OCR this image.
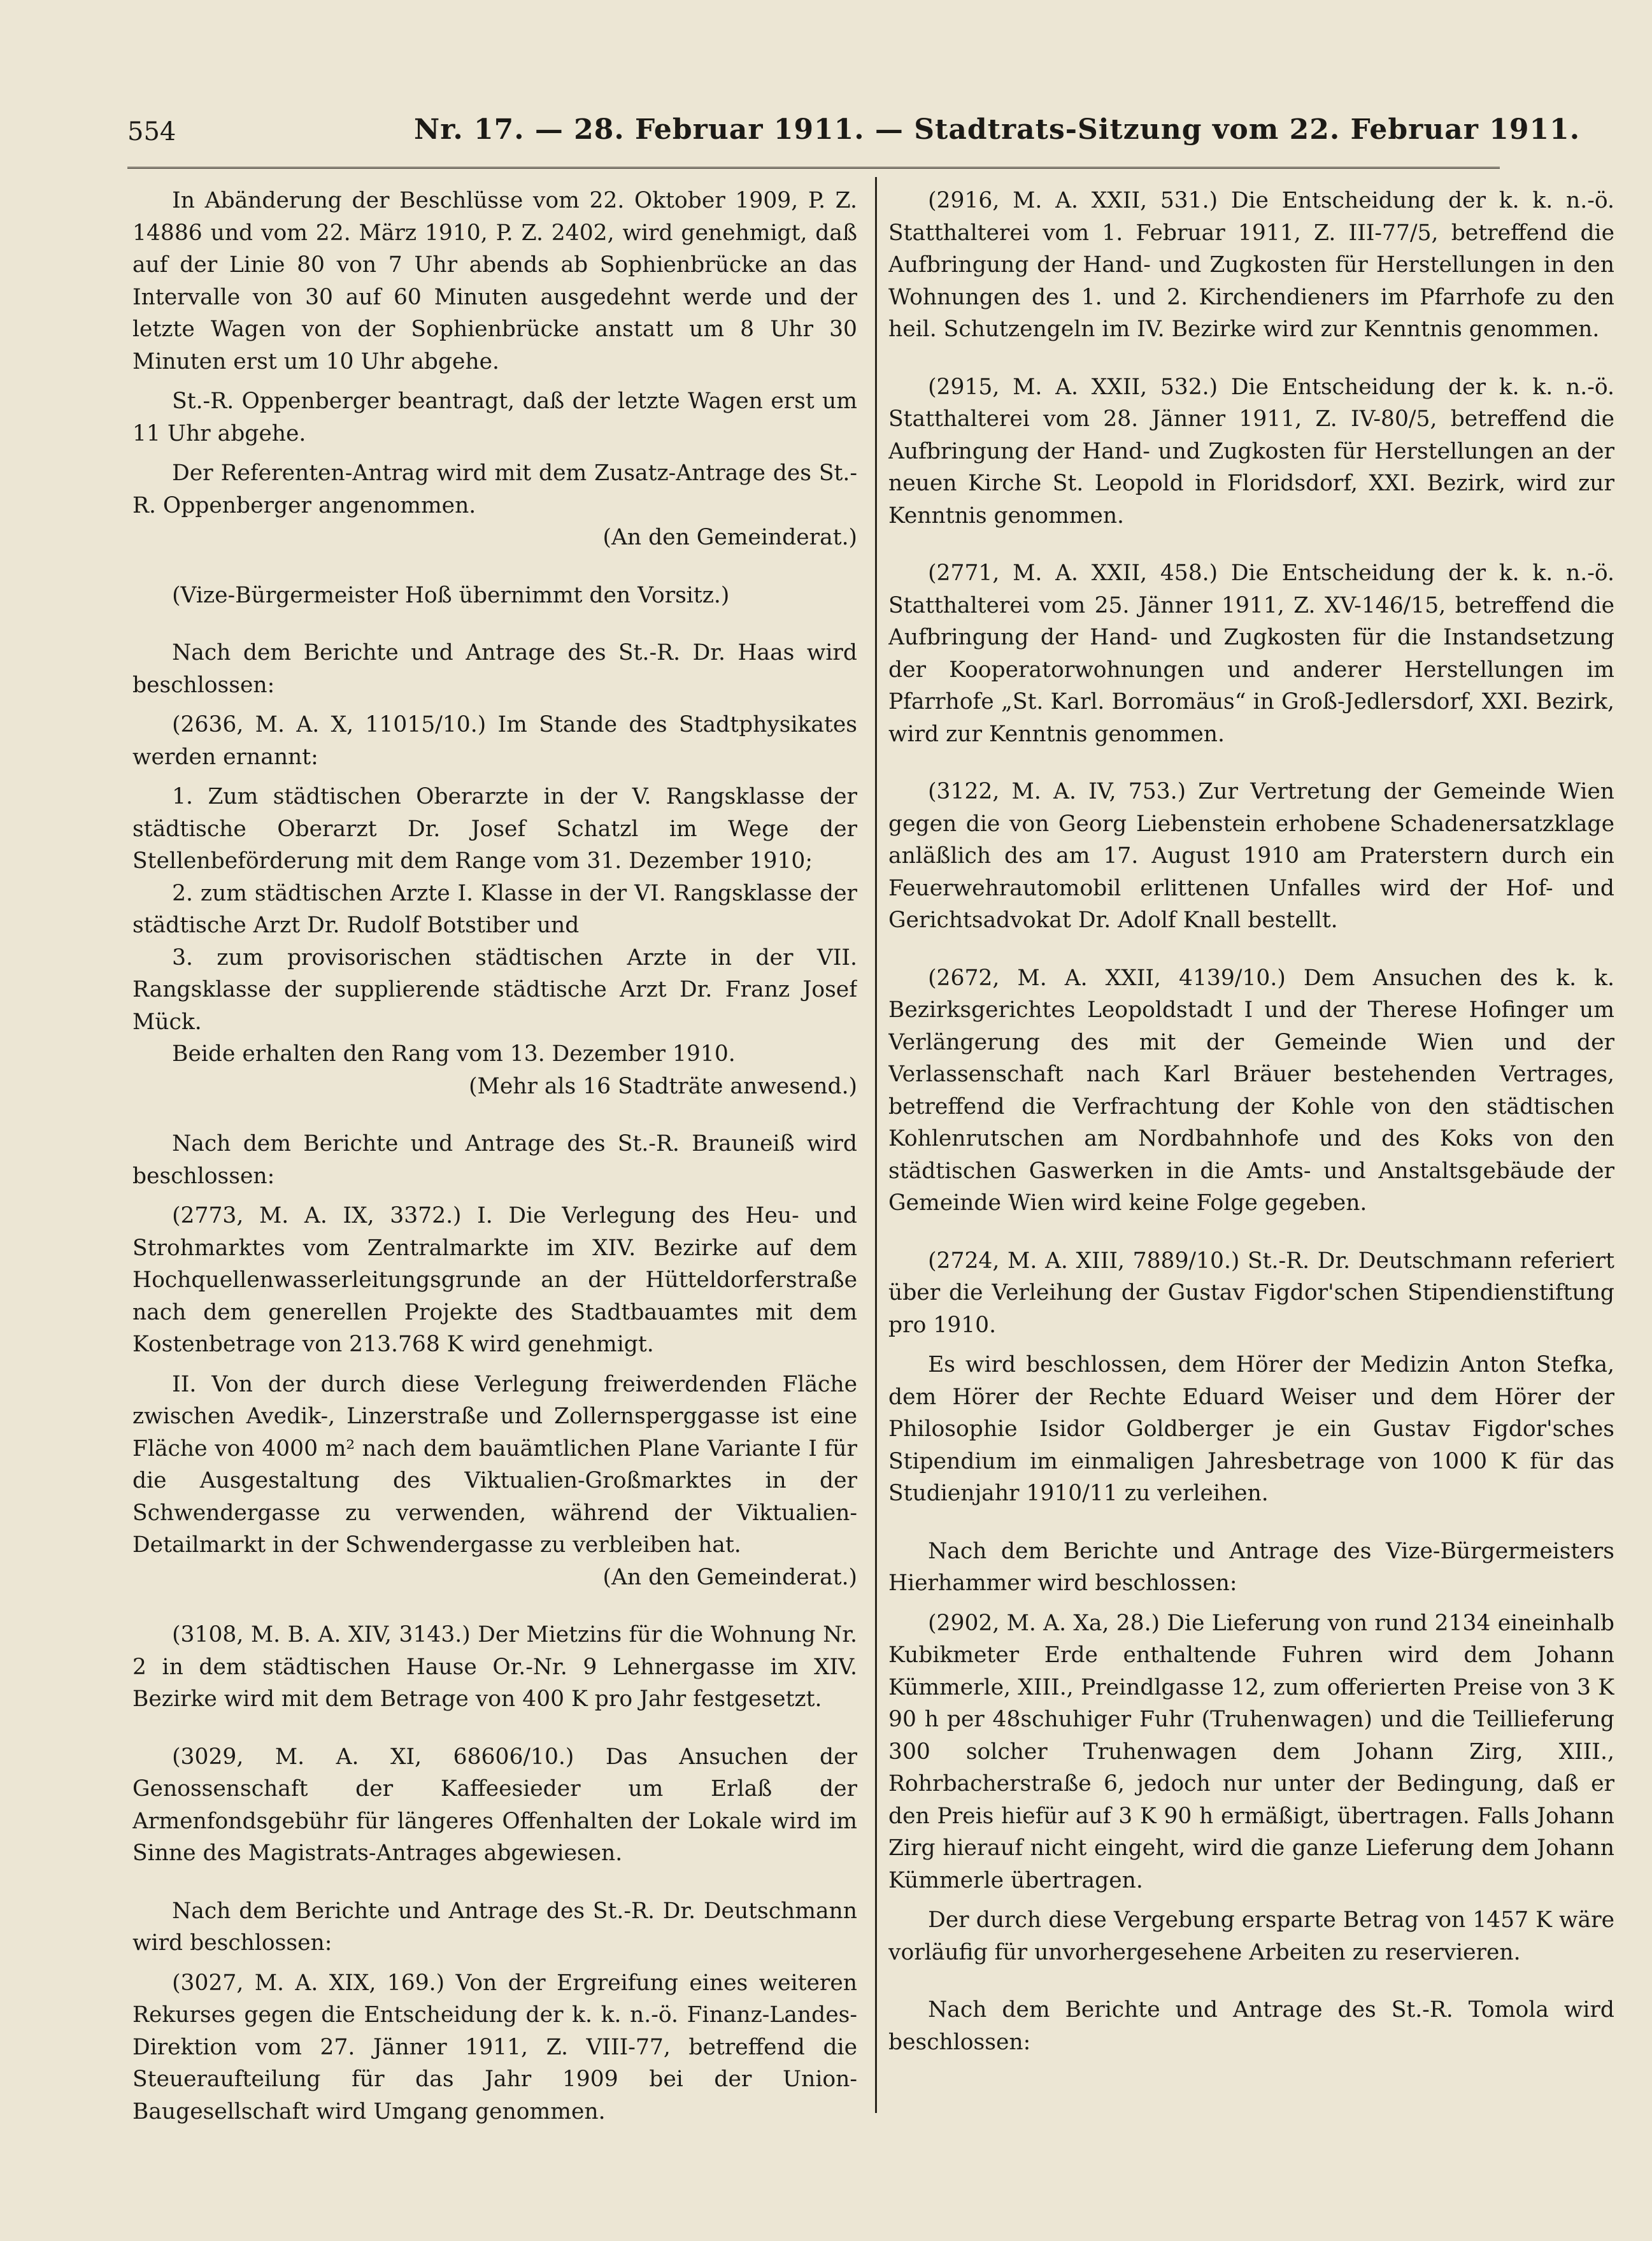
554	Nr. 17. — 28. Februar 1911. — Stadtrats-Sitzung vom 22. Februar 1911.

In Abänderung der Beschlüsse vom 22. Oktober 1909, P. Z. 14886 und vom 22. März 1910, P. Z. 2402, wird genehmigt, daß auf der Linie 80 von 7 Uhr abends ab Sophienbrücke an das Intervalle von 30 auf 60 Minuten ausgedehnt werde und der letzte Wagen von der Sophienbrücke anstatt um 8 Uhr 30 Minuten erst um 10 Uhr abgehe.

St.-R. Oppenberger beantragt, daß der letzte Wagen erst um 11 Uhr abgehe.

Der Referenten-Antrag wird mit dem Zusatz-Antrage des St.-R. Oppenberger angenommen.

(An den Gemeinderat.)

(Vize-Bürgermeister Hoß übernimmt den Vorsitz.)

Nach dem Berichte und Antrage des St.-R. Dr. Haas wird beschlossen:

(2636, M. A. X, 11015/10.) Im Stande des Stadtphysikates werden ernannt:

1. Zum städtischen Oberarzte in der V. Rangsklasse der städtische Oberarzt Dr. Josef Schatzl im Wege der Stellenbeförderung mit dem Range vom 31. Dezember 1910;

2. zum städtischen Arzte I. Klasse in der VI. Rangsklasse der städtische Arzt Dr. Rudolf Botstiber und

3. zum provisorischen städtischen Arzte in der VII. Rangsklasse der supplierende städtische Arzt Dr. Franz Josef Mück.

Beide erhalten den Rang vom 13. Dezember 1910.

(Mehr als 16 Stadträte anwesend.)

Nach dem Berichte und Antrage des St.-R. Brauneiß wird beschlossen:

(2773, M. A. IX, 3372.) I. Die Verlegung des Heu- und Strohmarktes vom Zentralmarkte im XIV. Bezirke auf dem Hochquellenwasserleitungsgrunde an der Hütteldorferstraße nach dem generellen Projekte des Stadtbauamtes mit dem Kostenbetrage von 213.768 K wird genehmigt.

II. Von der durch diese Verlegung freiwerdenden Fläche zwischen Avedik-, Linzerstraße und Zollernsperggasse ist eine Fläche von 4000 m² nach dem bauämtlichen Plane Variante I für die Ausgestaltung des Viktualien-Großmarktes in der Schwendergasse zu verwenden, während der Viktualien-Detailmarkt in der Schwendergasse zu verbleiben hat.

(An den Gemeinderat.)

(3108, M. B. A. XIV, 3143.) Der Mietzins für die Wohnung Nr. 2 in dem städtischen Hause Or.-Nr. 9 Lehnergasse im XIV. Bezirke wird mit dem Betrage von 400 K pro Jahr festgesetzt.

(3029, M. A. XI, 68606/10.) Das Ansuchen der Genossenschaft der Kaffeesieder um Erlaß der Armenfondsgebühr für längeres Offenhalten der Lokale wird im Sinne des Magistrats-Antrages abgewiesen.

Nach dem Berichte und Antrage des St.-R. Dr. Deutschmann wird beschlossen:

(3027, M. A. XIX, 169.) Von der Ergreifung eines weiteren Rekurses gegen die Entscheidung der k. k. n.-ö. Finanz-Landes-Direktion vom 27. Jänner 1911, Z. VIII-77, betreffend die Steueraufteilung für das Jahr 1909 bei der Union-Baugesellschaft wird Umgang genommen.

(2916, M. A. XXII, 531.) Die Entscheidung der k. k. n.-ö. Statthalterei vom 1. Februar 1911, Z. III-77/5, betreffend die Aufbringung der Hand- und Zugkosten für Herstellungen in den Wohnungen des 1. und 2. Kirchendieners im Pfarrhofe zu den heil. Schutzengeln im IV. Bezirke wird zur Kenntnis genommen.

(2915, M. A. XXII, 532.) Die Entscheidung der k. k. n.-ö. Statthalterei vom 28. Jänner 1911, Z. IV-80/5, betreffend die Aufbringung der Hand- und Zugkosten für Herstellungen an der neuen Kirche St. Leopold in Floridsdorf, XXI. Bezirk, wird zur Kenntnis genommen.

(2771, M. A. XXII, 458.) Die Entscheidung der k. k. n.-ö. Statthalterei vom 25. Jänner 1911, Z. XV-146/15, betreffend die Aufbringung der Hand- und Zugkosten für die Instandsetzung der Kooperatorwohnungen und anderer Herstellungen im Pfarrhofe „St. Karl. Borromäus“ in Groß-Jedlersdorf, XXI. Bezirk, wird zur Kenntnis genommen.

(3122, M. A. IV, 753.) Zur Vertretung der Gemeinde Wien gegen die von Georg Liebenstein erhobene Schadenersatzklage anläßlich des am 17. August 1910 am Praterstern durch ein Feuerwehrautomobil erlittenen Unfalles wird der Hof- und Gerichtsadvokat Dr. Adolf Knall bestellt.

(2672, M. A. XXII, 4139/10.) Dem Ansuchen des k. k. Bezirksgerichtes Leopoldstadt I und der Therese Hofinger um Verlängerung des mit der Gemeinde Wien und der Verlassenschaft nach Karl Bräuer bestehenden Vertrages, betreffend die Verfrachtung der Kohle von den städtischen Kohlenrutschen am Nordbahnhofe und des Koks von den städtischen Gaswerken in die Amts- und Anstaltsgebäude der Gemeinde Wien wird keine Folge gegeben.

(2724, M. A. XIII, 7889/10.) St.-R. Dr. Deutschmann referiert über die Verleihung der Gustav Figdor'schen Stipendienstiftung pro 1910.

Es wird beschlossen, dem Hörer der Medizin Anton Stefka, dem Hörer der Rechte Eduard Weiser und dem Hörer der Philosophie Isidor Goldberger je ein Gustav Figdor'sches Stipendium im einmaligen Jahresbetrage von 1000 K für das Studienjahr 1910/11 zu verleihen.

Nach dem Berichte und Antrage des Vize-Bürgermeisters Hierhammer wird beschlossen:

(2902, M. A. Xa, 28.) Die Lieferung von rund 2134 eineinhalb Kubikmeter Erde enthaltende Fuhren wird dem Johann Kümmerle, XIII., Preindlgasse 12, zum offerierten Preise von 3 K 90 h per 48schuhiger Fuhr (Truhenwagen) und die Teillieferung 300 solcher Truhenwagen dem Johann Zirg, XIII., Rohrbacherstraße 6, jedoch nur unter der Bedingung, daß er den Preis hiefür auf 3 K 90 h ermäßigt, übertragen. Falls Johann Zirg hierauf nicht eingeht, wird die ganze Lieferung dem Johann Kümmerle übertragen.

Der durch diese Vergebung ersparte Betrag von 1457 K wäre vorläufig für unvorhergesehene Arbeiten zu reservieren.

Nach dem Berichte und Antrage des St.-R. Tomola wird beschlossen:
